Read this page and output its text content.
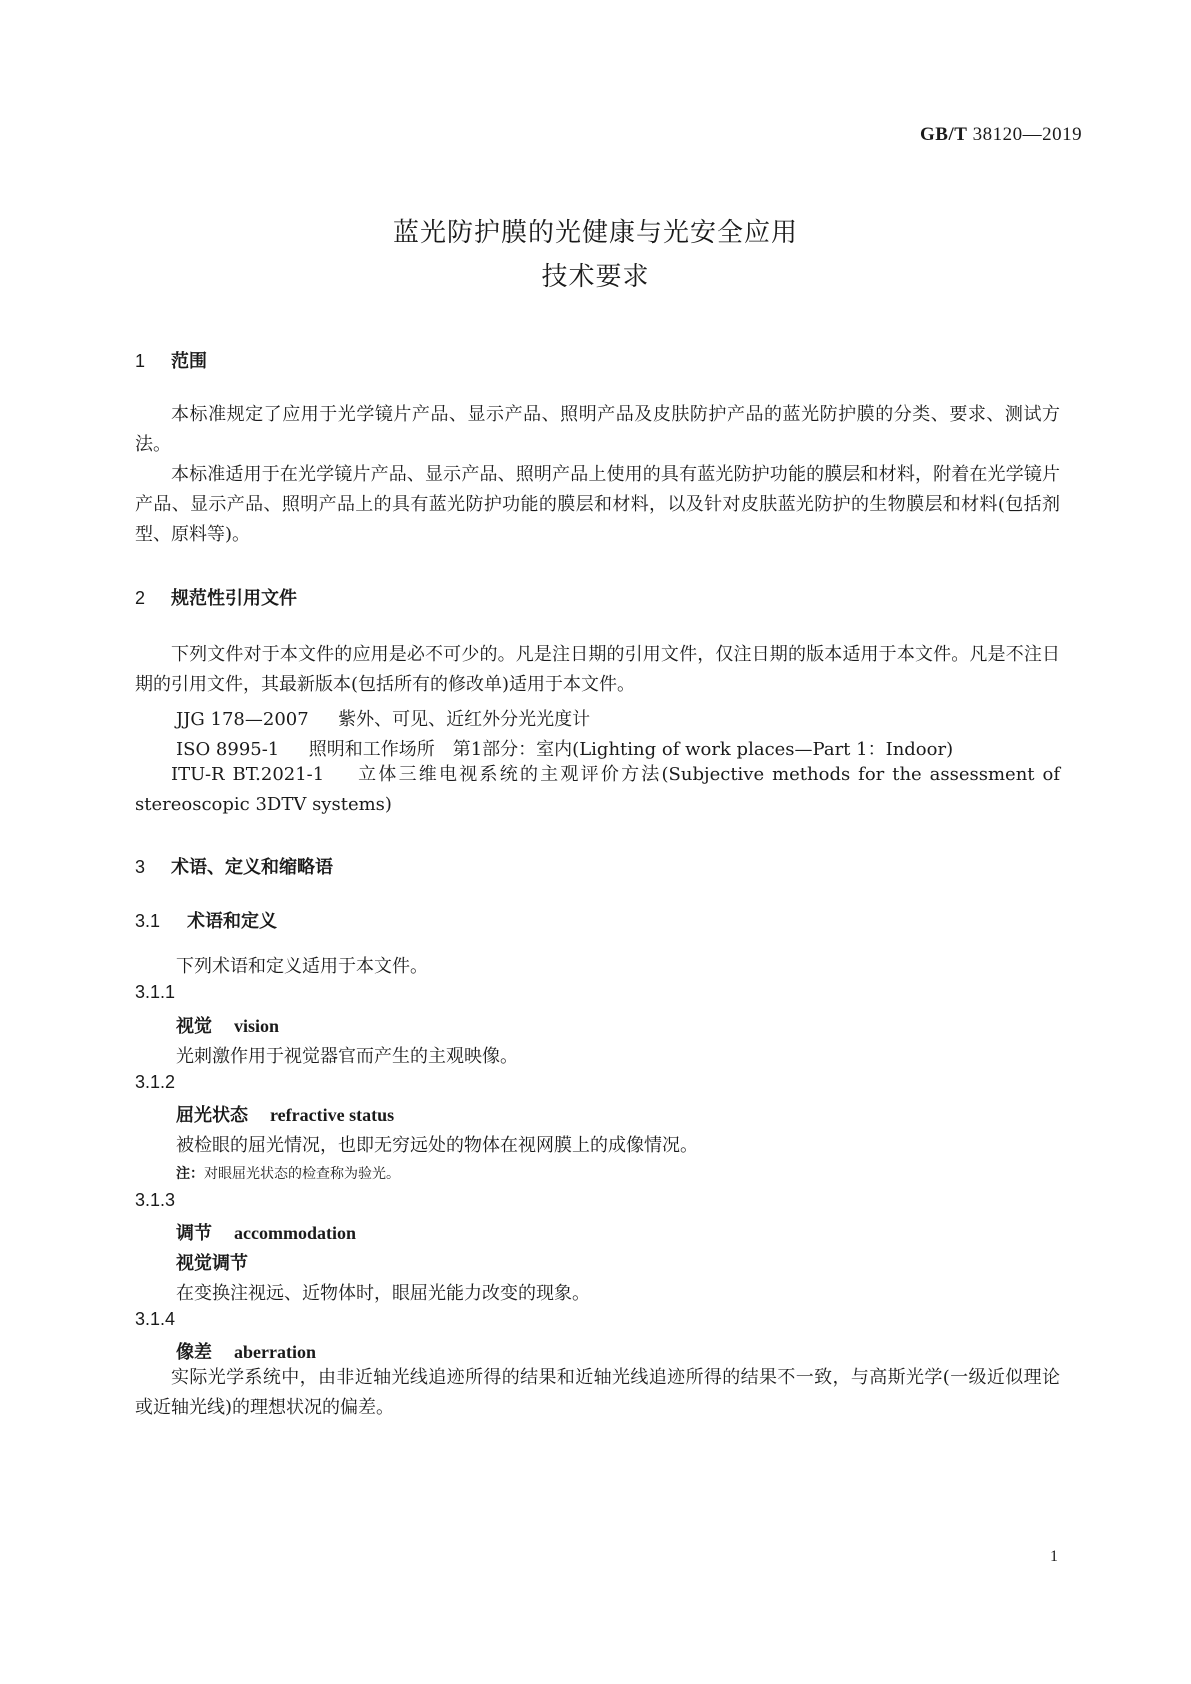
GB/T 38120—2019
蓝光防护膜的光健康与光安全应用
技术要求
1 范围
本标准规定了应用于光学镜片产品、显示产品、照明产品及皮肤防护产品的蓝光防护膜的分类、要求、测试方法。
本标准适用于在光学镜片产品、显示产品、照明产品上使用的具有蓝光防护功能的膜层和材料，附着在光学镜片产品、显示产品、照明产品上的具有蓝光防护功能的膜层和材料，以及针对皮肤蓝光防护的生物膜层和材料(包括剂型、原料等)。
2 规范性引用文件
下列文件对于本文件的应用是必不可少的。凡是注日期的引用文件，仅注日期的版本适用于本文件。凡是不注日期的引用文件，其最新版本(包括所有的修改单)适用于本文件。
JJG 178—2007 紫外、可见、近红外分光光度计
ISO 8995-1 照明和工作场所　第1部分：室内(Lighting of work places—Part 1：Indoor)
ITU-R BT.2021-1 立体三维电视系统的主观评价方法(Subjective methods for the assessment of stereoscopic 3DTV systems)
3 术语、定义和缩略语
3.1 术语和定义
下列术语和定义适用于本文件。
3.1.1
视觉 vision
光刺激作用于视觉器官而产生的主观映像。
3.1.2
屈光状态 refractive status
被检眼的屈光情况，也即无穷远处的物体在视网膜上的成像情况。
注：对眼屈光状态的检查称为验光。
3.1.3
调节 accommodation
视觉调节
在变换注视远、近物体时，眼屈光能力改变的现象。
3.1.4
像差 aberration
实际光学系统中，由非近轴光线追迹所得的结果和近轴光线追迹所得的结果不一致，与高斯光学(一级近似理论或近轴光线)的理想状况的偏差。
1
